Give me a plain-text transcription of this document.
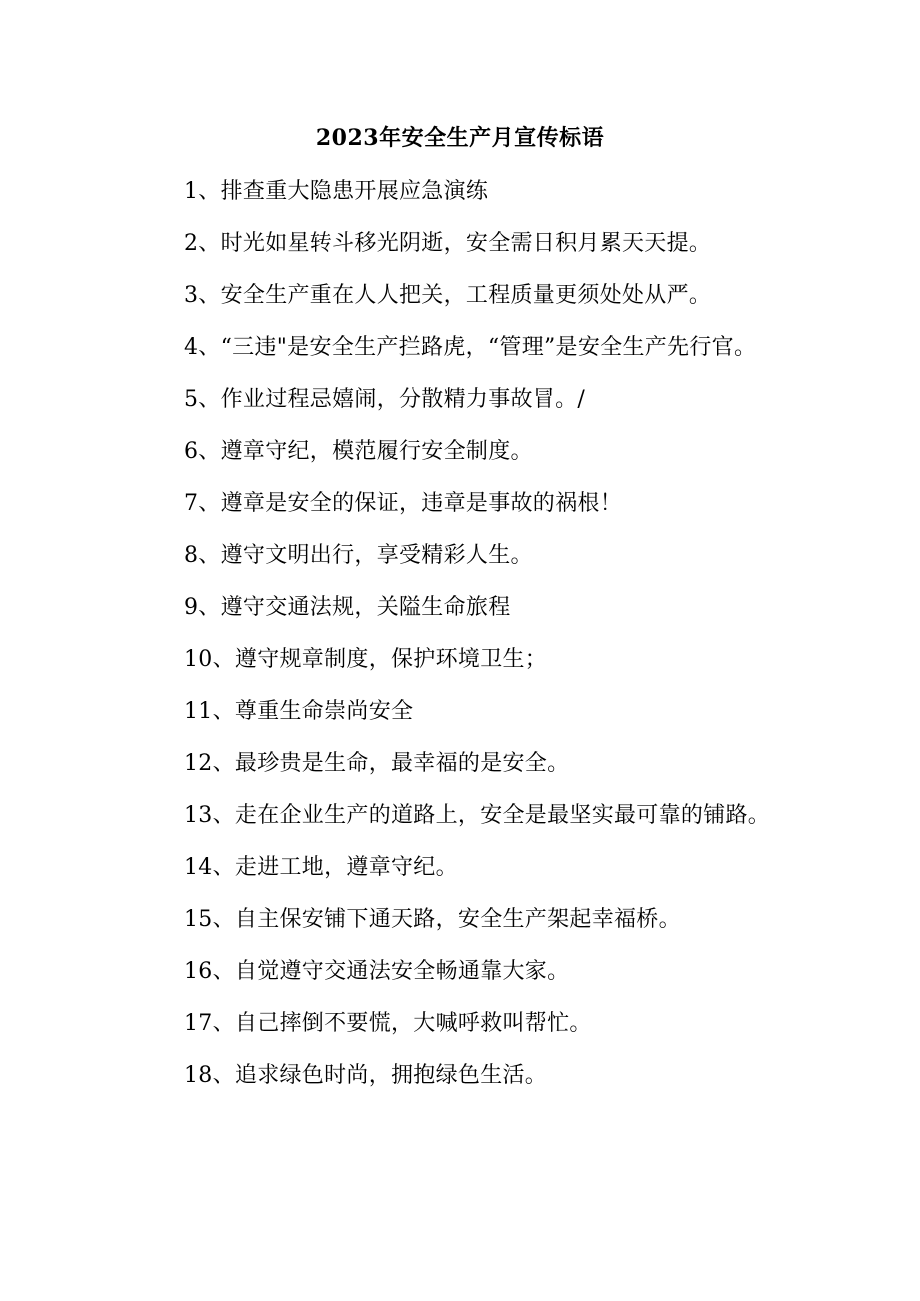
2023年安全生产月宣传标语
1、排查重大隐患开展应急演练
2、时光如星转斗移光阴逝，安全需日积月累天天提。
3、安全生产重在人人把关，工程质量更须处处从严。
4、“三违"是安全生产拦路虎，“管理”是安全生产先行官。
5、作业过程忌嬉闹，分散精力事故冒。/
6、遵章守纪，模范履行安全制度。
7、遵章是安全的保证，违章是事故的祸根！
8、遵守文明出行，享受精彩人生。
9、遵守交通法规，关隘生命旅程
10、遵守规章制度，保护环境卫生；
11、尊重生命崇尚安全
12、最珍贵是生命，最幸福的是安全。
13、走在企业生产的道路上，安全是最坚实最可靠的铺路。
14、走进工地，遵章守纪。
15、自主保安铺下通天路，安全生产架起幸福桥。
16、自觉遵守交通法安全畅通靠大家。
17、自己摔倒不要慌，大喊呼救叫帮忙。
18、追求绿色时尚，拥抱绿色生活。
